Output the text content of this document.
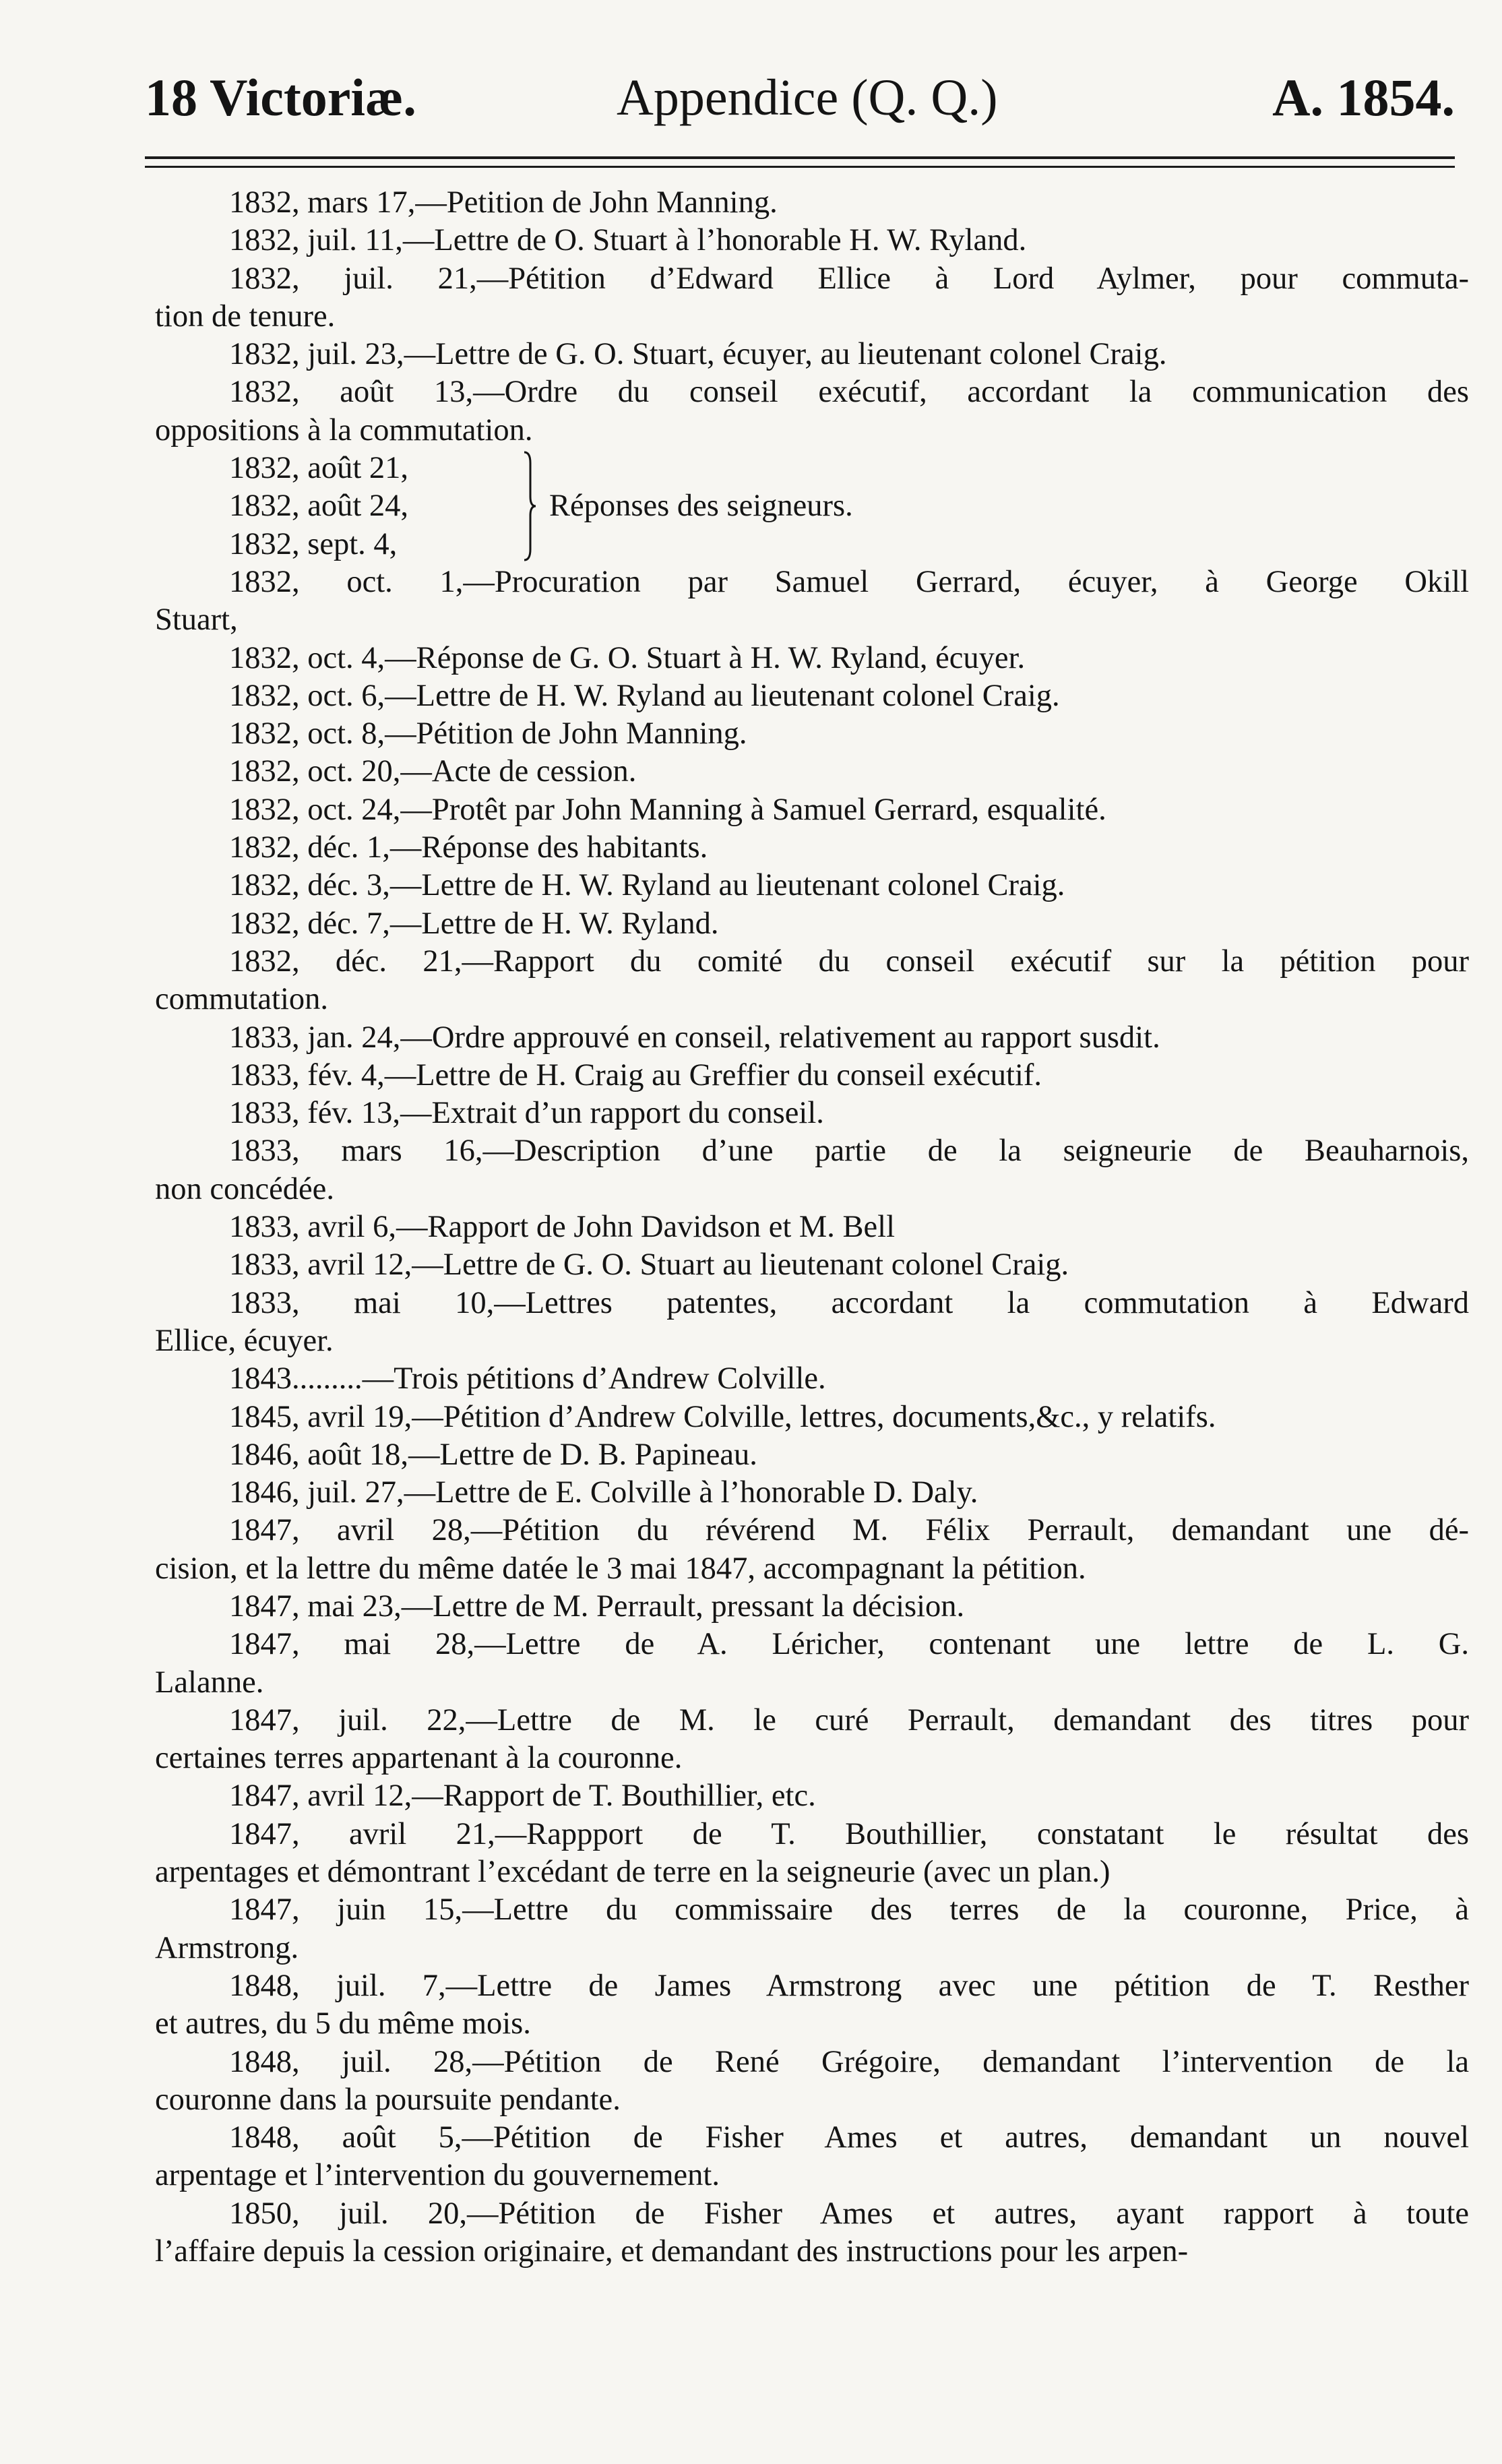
18 Victoriæ.	Appendice (Q. Q.)	A. 1854.
1832, mars 17,—Petition de John Manning.
1832, juil. 11,—Lettre de O. Stuart à l’honorable H. W. Ryland.
1832, juil. 21,—Pétition d’Edward Ellice à Lord Aylmer, pour commuta-
tion de tenure.
1832, juil. 23,—Lettre de G. O. Stuart, écuyer, au lieutenant colonel Craig.
1832, août 13,—Ordre du conseil exécutif, accordant la communication des
oppositions à la commutation.
1832, août 21,
1832, août 24,
1832, sept. 4,
Réponses des seigneurs.
1832, oct. 1,—Procuration par Samuel Gerrard, écuyer, à George Okill
Stuart,
1832, oct. 4,—Réponse de G. O. Stuart à H. W. Ryland, écuyer.
1832, oct. 6,—Lettre de H. W. Ryland au lieutenant colonel Craig.
1832, oct. 8,—Pétition de John Manning.
1832, oct. 20,—Acte de cession.
1832, oct. 24,—Protêt par John Manning à Samuel Gerrard, esqualité.
1832, déc. 1,—Réponse des habitants.
1832, déc. 3,—Lettre de H. W. Ryland au lieutenant colonel Craig.
1832, déc. 7,—Lettre de H. W. Ryland.
1832, déc. 21,—Rapport du comité du conseil exécutif sur la pétition pour
commutation.
1833, jan. 24,—Ordre approuvé en conseil, relativement au rapport susdit.
1833, fév. 4,—Lettre de H. Craig au Greffier du conseil exécutif.
1833, fév. 13,—Extrait d’un rapport du conseil.
1833, mars 16,—Description d’une partie de la seigneurie de Beauharnois,
non concédée.
1833, avril 6,—Rapport de John Davidson et M. Bell
1833, avril 12,—Lettre de G. O. Stuart au lieutenant colonel Craig.
1833, mai 10,—Lettres patentes, accordant la commutation à Edward
Ellice, écuyer.
1843.........—Trois pétitions d’Andrew Colville.
1845, avril 19,—Pétition d’Andrew Colville, lettres, documents,&c., y relatifs.
1846, août 18,—Lettre de D. B. Papineau.
1846, juil. 27,—Lettre de E. Colville à l’honorable D. Daly.
1847, avril 28,—Pétition du révérend M. Félix Perrault, demandant une dé-
cision, et la lettre du même datée le 3 mai 1847, accompagnant la pétition.
1847, mai 23,—Lettre de M. Perrault, pressant la décision.
1847, mai 28,—Lettre de A. Léricher, contenant une lettre de L. G.
Lalanne.
1847, juil. 22,—Lettre de M. le curé Perrault, demandant des titres pour
certaines terres appartenant à la couronne.
1847, avril 12,—Rapport de T. Bouthillier, etc.
1847, avril 21,—Rappport de T. Bouthillier, constatant le résultat des
arpentages et démontrant l’excédant de terre en la seigneurie (avec un plan.)
1847, juin 15,—Lettre du commissaire des terres de la couronne, Price, à
Armstrong.
1848, juil. 7,—Lettre de James Armstrong avec une pétition de T. Resther
et autres, du 5 du même mois.
1848, juil. 28,—Pétition de René Grégoire, demandant l’intervention de la
couronne dans la poursuite pendante.
1848, août 5,—Pétition de Fisher Ames et autres, demandant un nouvel
arpentage et l’intervention du gouvernement.
1850, juil. 20,—Pétition de Fisher Ames et autres, ayant rapport à toute
l’affaire depuis la cession originaire, et demandant des instructions pour les arpen-
